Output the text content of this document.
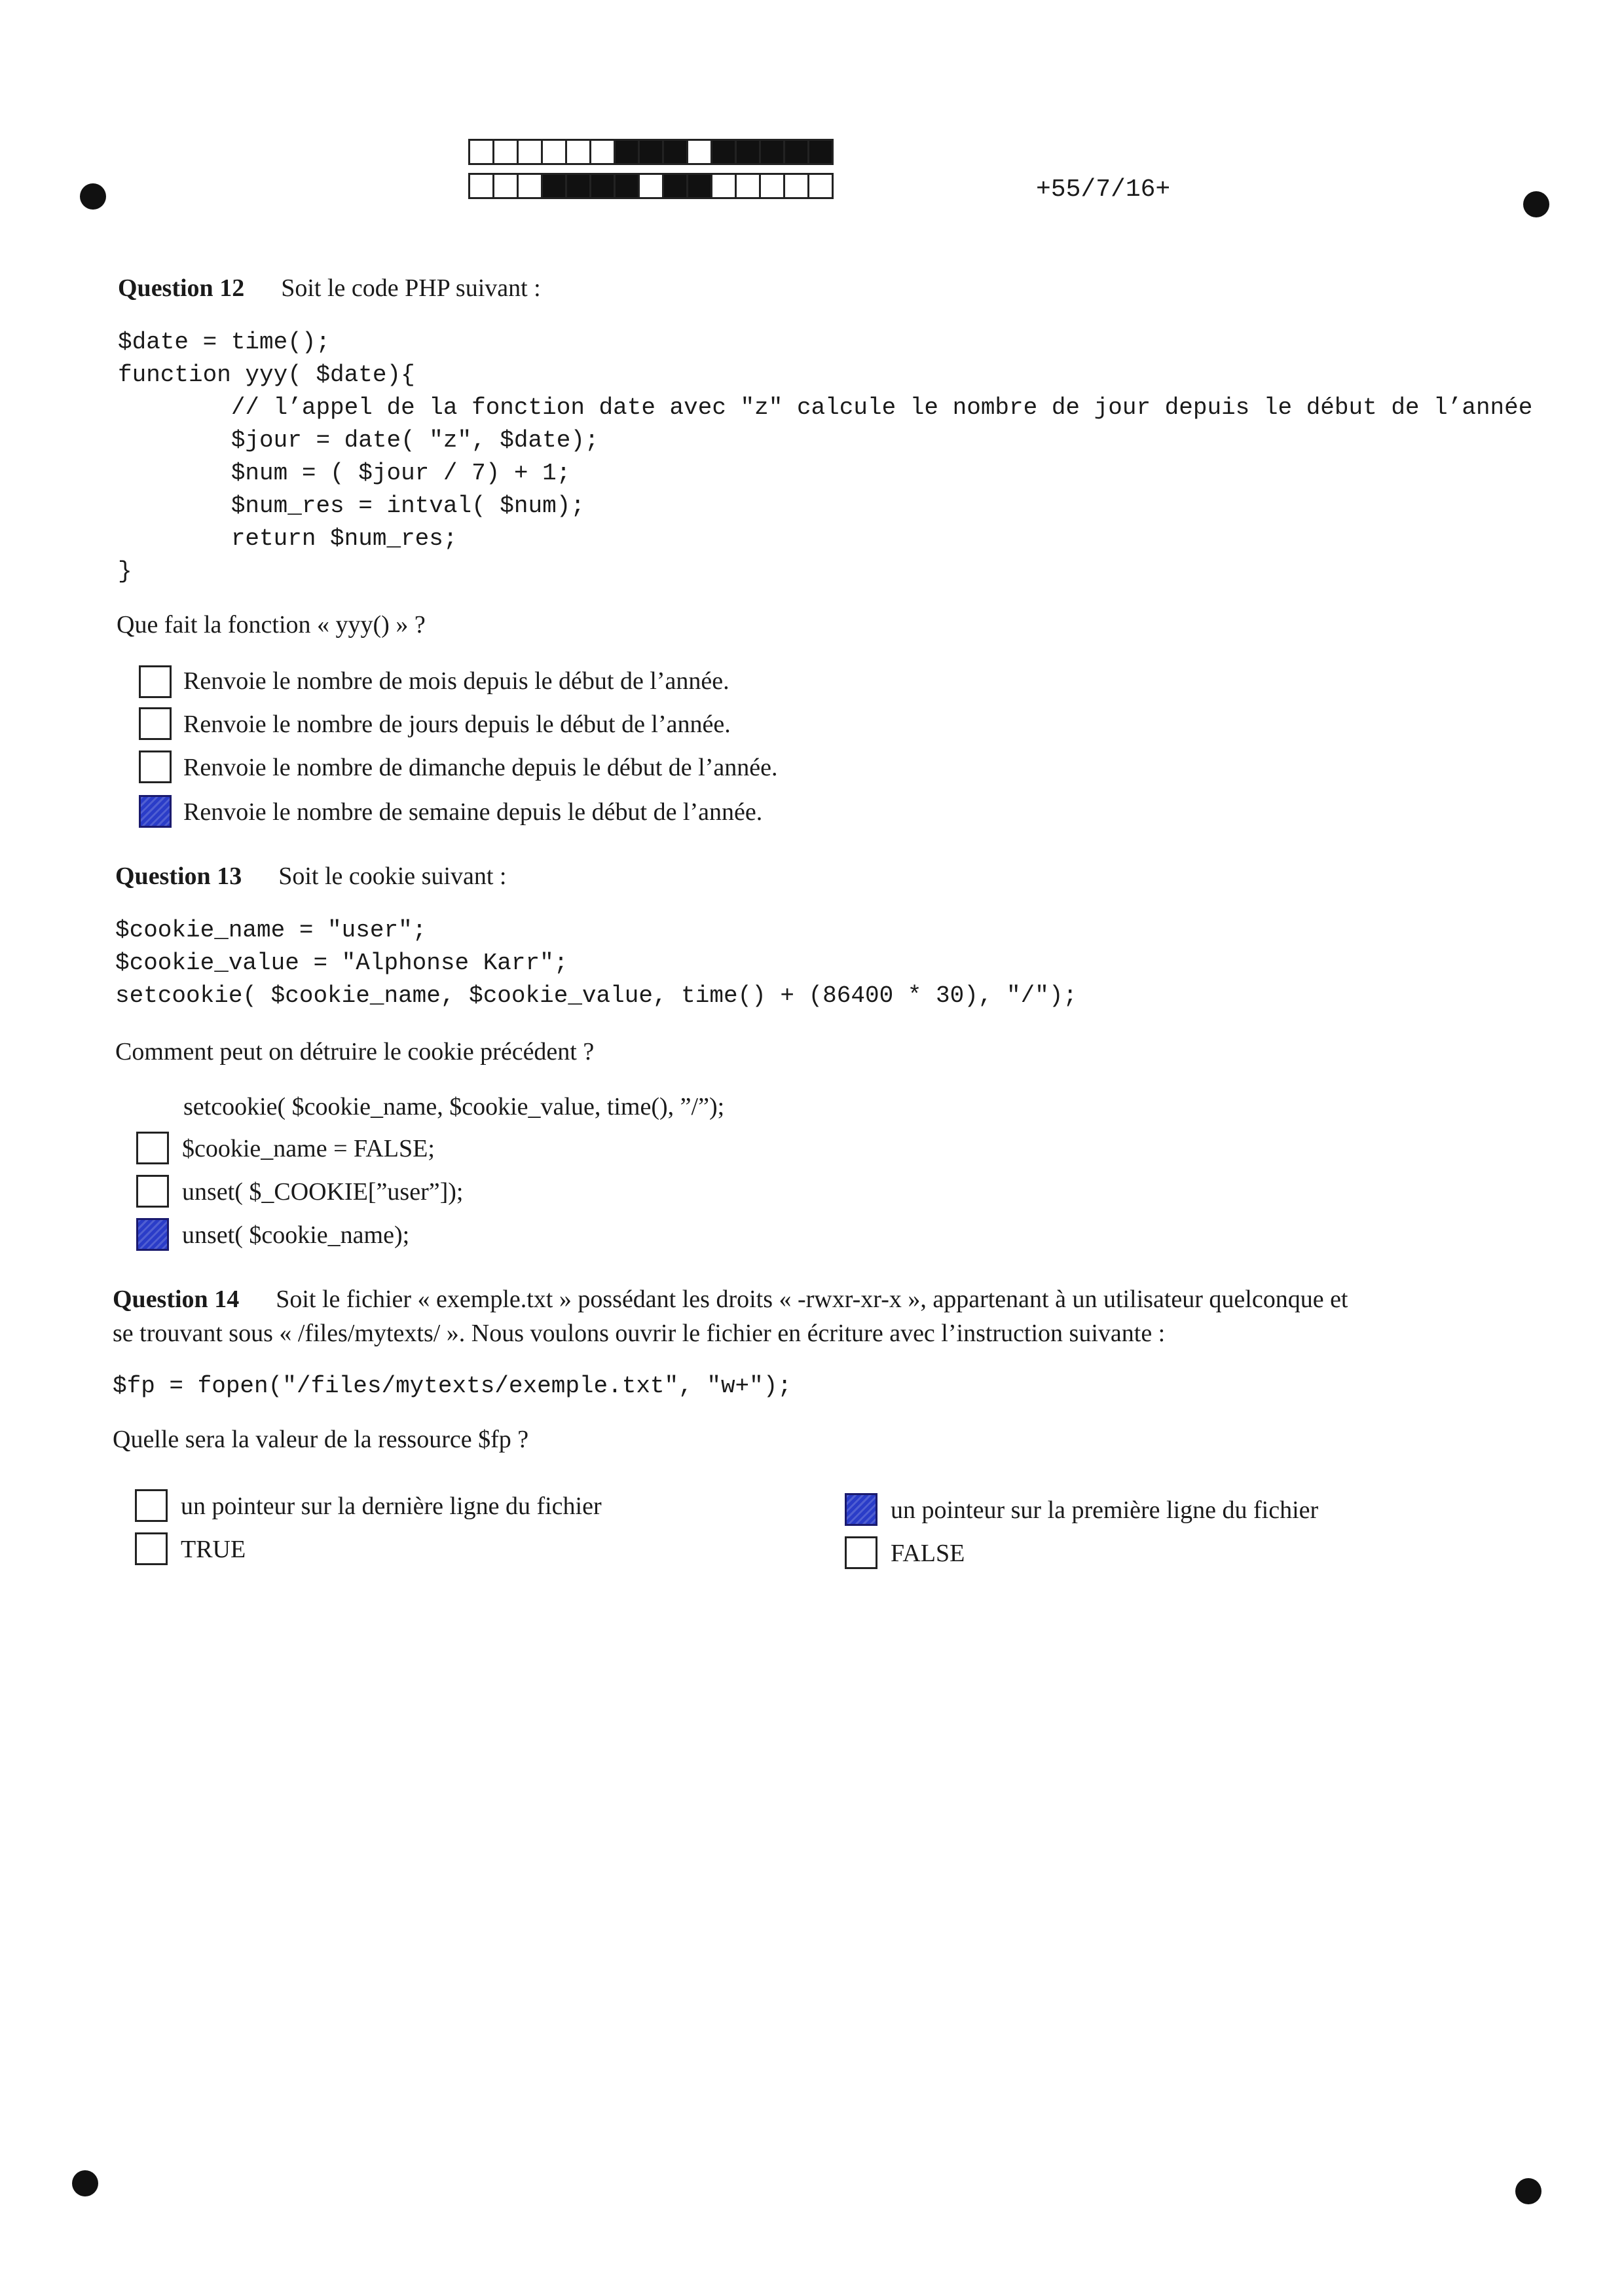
+55/7/16+
Question 12 Soit le code PHP suivant :
$date = time();
function yyy( $date){
// l’appel de la fonction date avec "z" calcule le nombre de jour depuis le début de l’année
$jour = date( "z", $date);
$num = ( $jour / 7) + 1;
$num_res = intval( $num);
return $num_res;
}
Que fait la fonction « yyy() » ?
Renvoie le nombre de mois depuis le début de l’année.
Renvoie le nombre de jours depuis le début de l’année.
Renvoie le nombre de dimanche depuis le début de l’année.
Renvoie le nombre de semaine depuis le début de l’année.
Question 13 Soit le cookie suivant :
$cookie_name = "user";
$cookie_value = "Alphonse Karr";
setcookie( $cookie_name, $cookie_value, time() + (86400 * 30), "/");
Comment peut on détruire le cookie précédent ?
setcookie( $cookie_name, $cookie_value, time(), ”/”);
$cookie_name = FALSE;
unset( $_COOKIE[”user”]);
unset( $cookie_name);
Question 14 Soit le fichier « exemple.txt » possédant les droits « -rwxr-xr-x », appartenant à un utilisateur quelconque et
se trouvant sous « /files/mytexts/ ». Nous voulons ouvrir le fichier en écriture avec l’instruction suivante :
$fp = fopen("/files/mytexts/exemple.txt", "w+");
Quelle sera la valeur de la ressource $fp ?
un pointeur sur la dernière ligne du fichier
TRUE
un pointeur sur la première ligne du fichier
FALSE
